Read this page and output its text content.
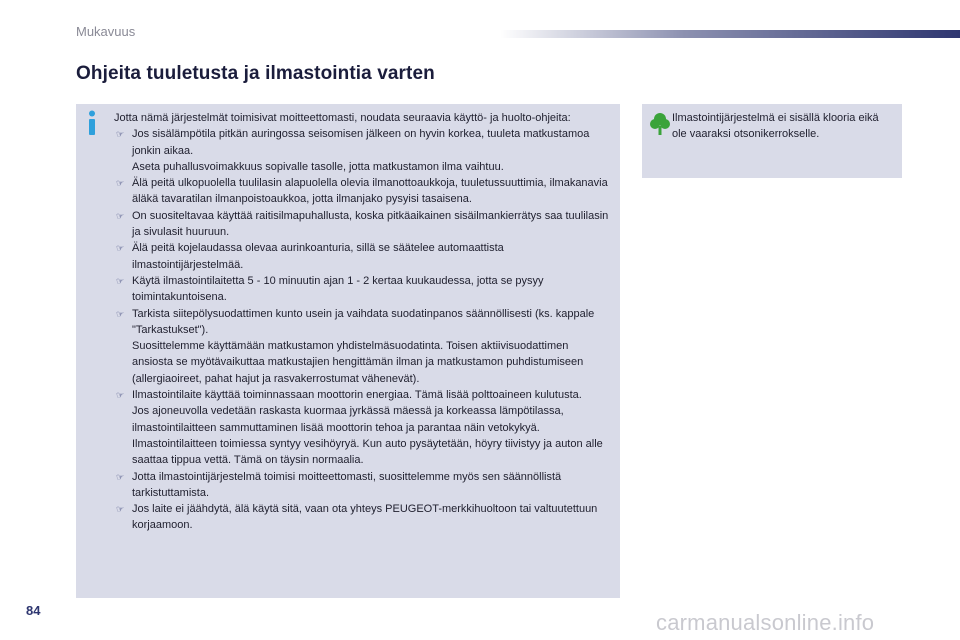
Mukavuus
Ohjeita tuuletusta ja ilmastointia varten

Jotta nämä järjestelmät toimisivat moitteettomasti, noudata seuraavia käyttö- ja huolto-ohjeita:

☞ Jos sisälämpötila pitkän auringossa seisomisen jälkeen on hyvin korkea, tuuleta matkustamoa jonkin aikaa.
Aseta puhallusvoimakkuus sopivalle tasolle, jotta matkustamon ilma vaihtuu.
☞ Älä peitä ulkopuolella tuulilasin alapuolella olevia ilmanottoaukkoja, tuuletussuuttimia, ilmakanavia äläkä tavaratilan ilmanpoistoaukkoa, jotta ilmanjako pysyisi tasaisena.
☞ On suositeltavaa käyttää raitisilmapuhallusta, koska pitkäaikainen sisäilmankierrätys saa tuulilasin ja sivulasit huuruun.
☞ Älä peitä kojelaudassa olevaa aurinkoanturia, sillä se säätelee automaattista ilmastointijärjestelmää.
☞ Käytä ilmastointilaitetta 5 - 10 minuutin ajan 1 - 2 kertaa kuukaudessa, jotta se pysyy toimintakuntoisena.
☞ Tarkista siitepölysuodattimen kunto usein ja vaihdata suodatinpanos säännöllisesti (ks. kappale "Tarkastukset").
Suosittelemme käyttämään matkustamon yhdistelmäsuodatinta. Toisen aktiivisuodattimen ansiosta se myötävaikuttaa matkustajien hengittämän ilman ja matkustamon puhdistumiseen (allergiaoireet, pahat hajut ja rasvakerrostumat vähenevät).
☞ Ilmastointilaite käyttää toiminnassaan moottorin energiaa. Tämä lisää polttoaineen kulutusta.
Jos ajoneuvolla vedetään raskasta kuormaa jyrkässä mäessä ja korkeassa lämpötilassa, ilmastointilaitteen sammuttaminen lisää moottorin tehoa ja parantaa näin vetokykyä.
Ilmastointilaitteen toimiessa syntyy vesihöyryä. Kun auto pysäytetään, höyry tiivistyy ja auton alle saattaa tippua vettä. Tämä on täysin normaalia.
☞ Jotta ilmastointijärjestelmä toimisi moitteettomasti, suosittelemme myös sen säännöllistä tarkistuttamista.
☞ Jos laite ei jäähdytä, älä käytä sitä, vaan ota yhteys PEUGEOT-merkkihuoltoon tai valtuutettuun korjaamoon.
Ilmastointijärjestelmä ei sisällä klooria eikä ole vaaraksi otsonikerrokselle.
84	carmanualsonline.info
